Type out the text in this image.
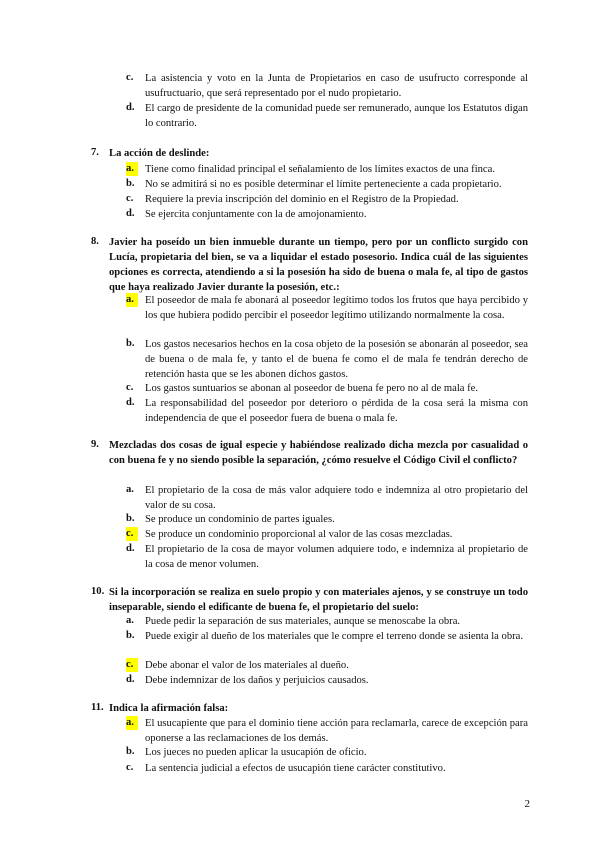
c.	La asistencia y voto en la Junta de Propietarios en caso de usufructo corresponde al usufructuario, que será representado por el nudo propietario.
d. El cargo de presidente de la comunidad puede ser remunerado, aunque los Estatutos digan lo contrario.
7. La acción de deslinde:
a.	Tiene como finalidad principal el señalamiento de los límites exactos de una finca.
b. No se admitirá si no es posible determinar el límite perteneciente a cada propietario.
c.	Requiere la previa inscripción del dominio en el Registro de la Propiedad.
d. Se ejercita conjuntamente con la de amojonamiento.
8. Javier ha poseído un bien inmueble durante un tiempo, pero por un conflicto surgido con Lucía, propietaria del bien, se va a liquidar el estado posesorio. Indica cuál de las siguientes opciones es correcta, atendiendo a si la posesión ha sido de buena o mala fe, al tipo de gastos que haya realizado Javier durante la posesión, etc.:
a.	El poseedor de mala fe abonará al poseedor legítimo todos los frutos que haya percibido y los que hubiera podido percibir el poseedor legítimo utilizando normalmente la cosa.
b. Los gastos necesarios hechos en la cosa objeto de la posesión se abonarán al poseedor, sea de buena o de mala fe, y tanto el de buena fe como el de mala fe tendrán derecho de retención hasta que se les abonen dichos gastos.
c.	Los gastos suntuarios se abonan al poseedor de buena fe pero no al de mala fe.
d. La responsabilidad del poseedor por deterioro o pérdida de la cosa será la misma con independencia de que el poseedor fuera de buena o mala fe.
9. Mezcladas dos cosas de igual especie y habiéndose realizado dicha mezcla por casualidad o con buena fe y no siendo posible la separación, ¿cómo resuelve el Código Civil el conflicto?
a.	El propietario de la cosa de más valor adquiere todo e indemniza al otro propietario del valor de su cosa.
b. Se produce un condominio de partes iguales.
c.	Se produce un condominio proporcional al valor de las cosas mezcladas.
d. El propietario de la cosa de mayor volumen adquiere todo, e indemniza al propietario de la cosa de menor volumen.
10. Si la incorporación se realiza en suelo propio y con materiales ajenos, y se construye un todo inseparable, siendo el edificante de buena fe, el propietario del suelo:
a.	Puede pedir la separación de sus materiales, aunque se menoscabe la obra.
b. Puede exigir al dueño de los materiales que le compre el terreno donde se asienta la obra.
c.	Debe abonar el valor de los materiales al dueño.
d. Debe indemnizar de los daños y perjuicios causados.
11. Indica la afirmación falsa:
a.	El usucapiente que para el dominio tiene acción para reclamarla, carece de excepción para oponerse a las reclamaciones de los demás.
b. Los jueces no pueden aplicar la usucapión de oficio.
c.	La sentencia judicial a efectos de usucapión tiene carácter constitutivo.
2
